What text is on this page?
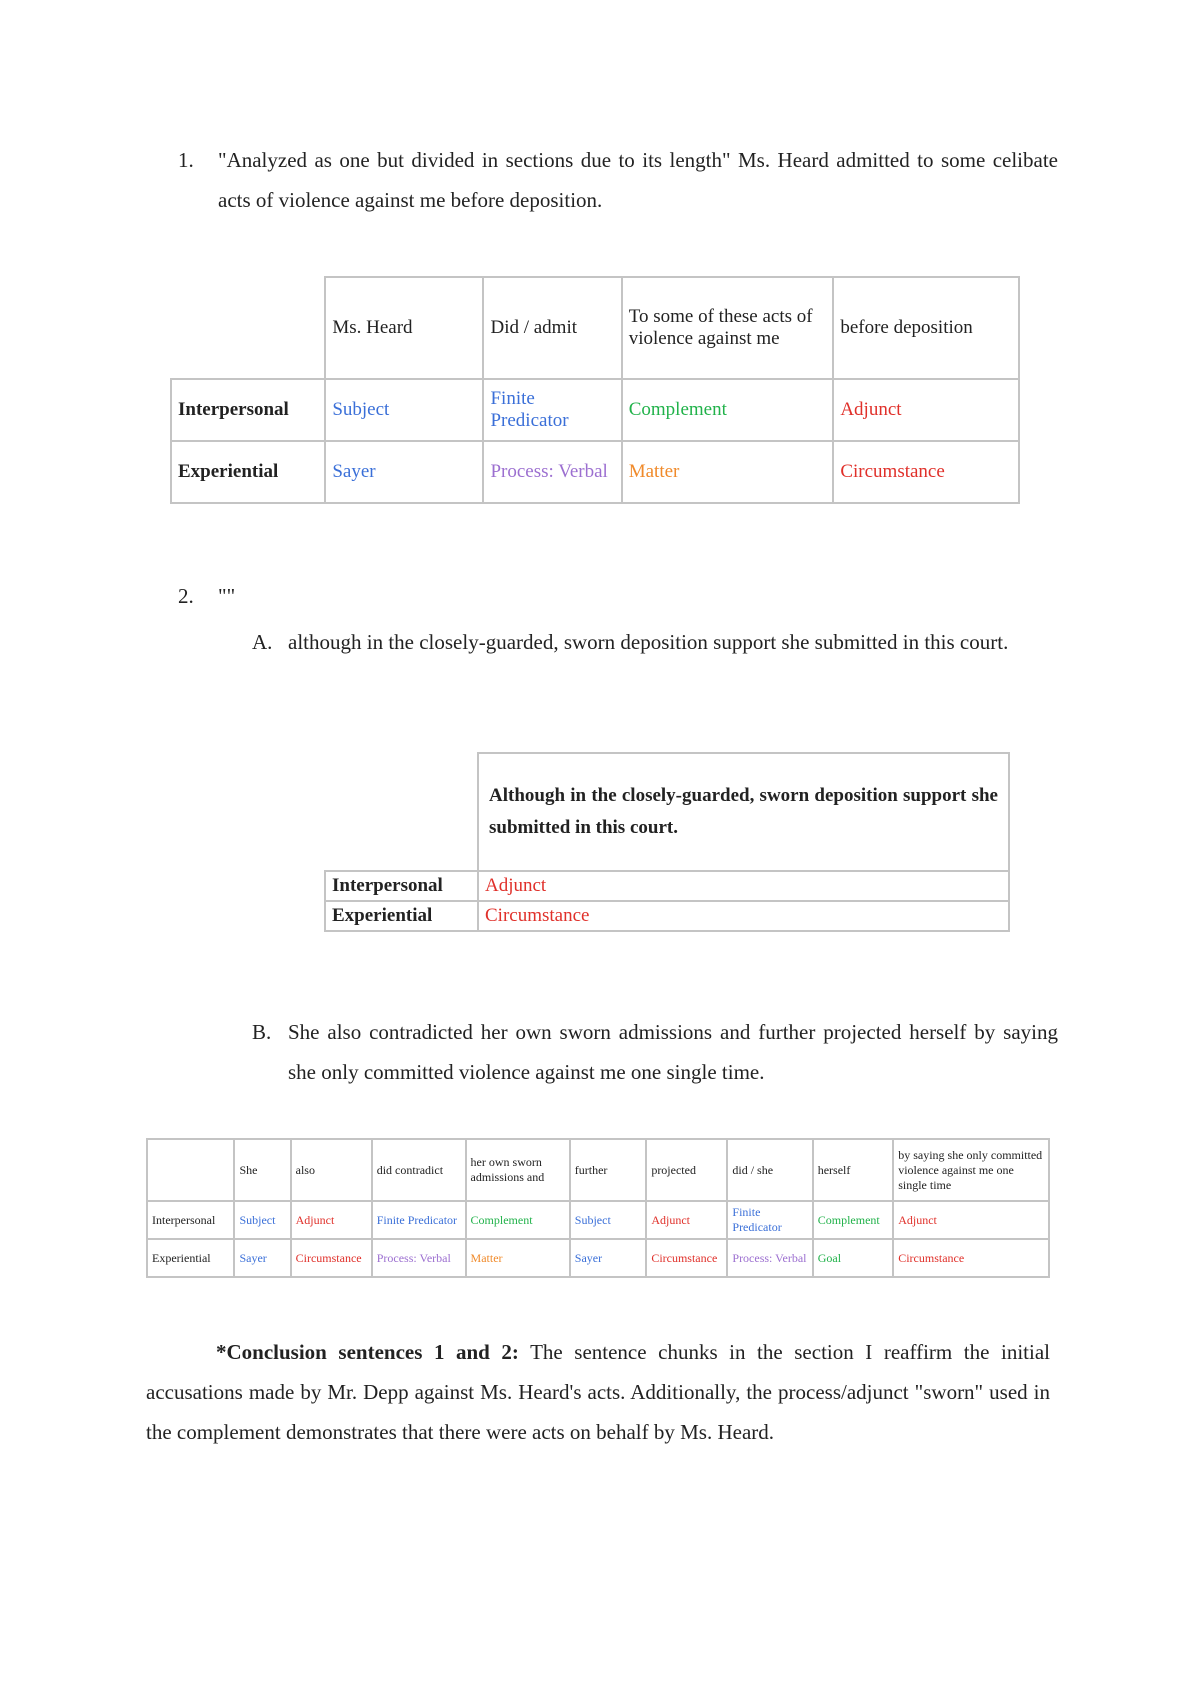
1. "Analyzed as one but divided in sections due to its length" Ms. Heard admitted to some celibate acts of violence against me before deposition.

	Ms. Heard	Did / admit	To some of these acts of violence against me	before deposition
Interpersonal	Subject	Finite Predicator	Complement	Adjunct
Experiential	Sayer	Process: Verbal	Matter	Circumstance
2. ""
A. although in the closely-guarded, sworn deposition support she submitted in this court.

	Although in the closely-guarded, sworn deposition support she submitted in this court.
Interpersonal	Adjunct
Experiential	Circumstance
B. She also contradicted her own sworn admissions and further projected herself by saying she only committed violence against me one single time.

	She	also	did contradict	her own sworn admissions and	further	projected	did / she	herself	by saying she only committed violence against me one single time
Interpersonal	Subject	Adjunct	Finite Predicator	Complement	Subject	Adjunct	Finite Predicator	Complement	Adjunct
Experiential	Sayer	Circumstance	Process: Verbal	Matter	Sayer	Circumstance	Process: Verbal	Goal	Circumstance

*Conclusion sentences 1 and 2: The sentence chunks in the section I reaffirm the initial accusations made by Mr. Depp against Ms. Heard's acts. Additionally, the process/adjunct "sworn" used in the complement demonstrates that there were acts on behalf by Ms. Heard.
